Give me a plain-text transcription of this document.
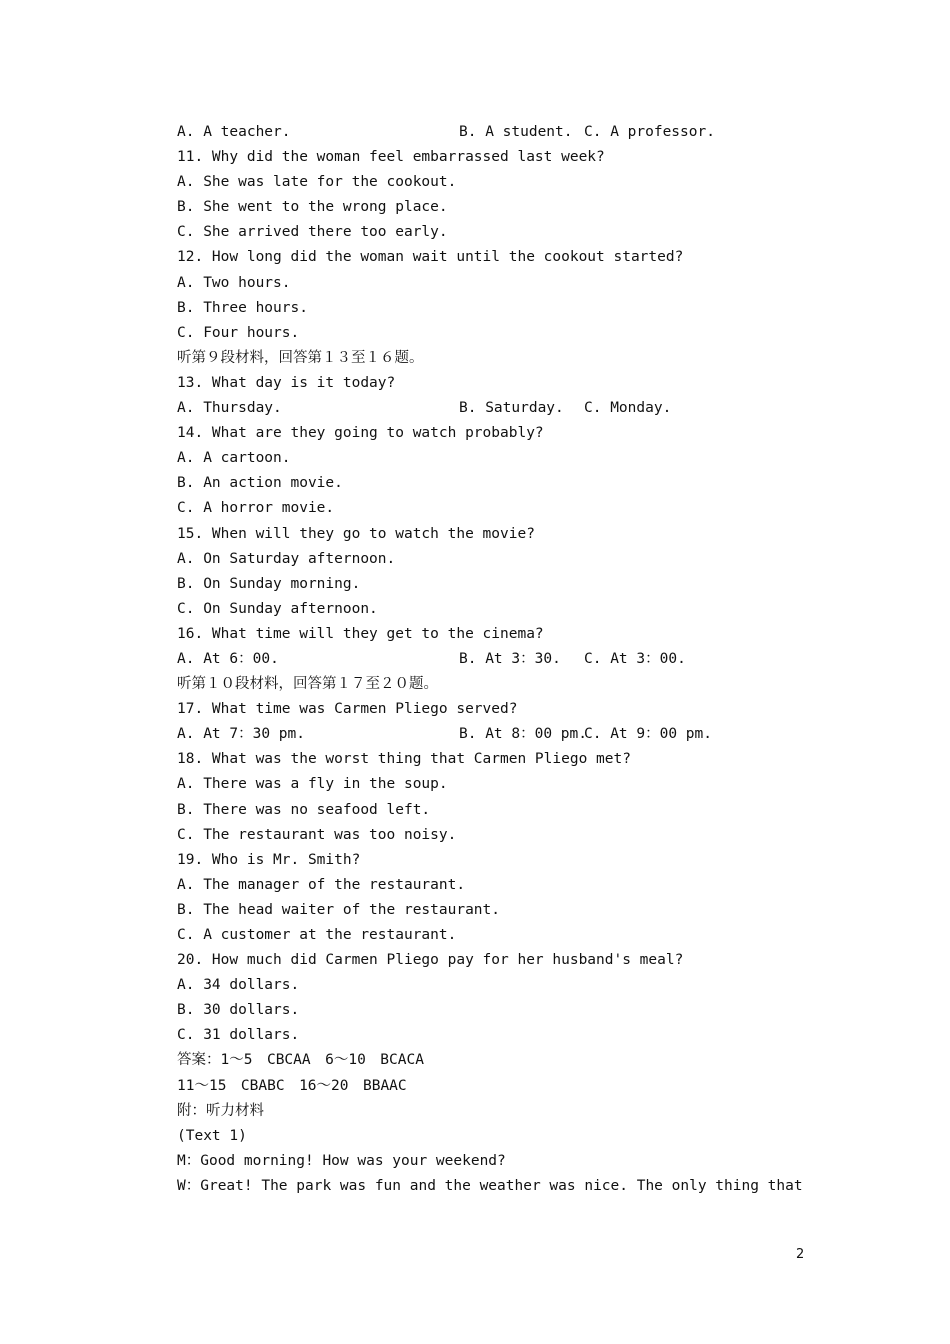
A. A teacher.	B. A student. C. A professor.
11. Why did the woman feel embarrassed last week?
A. She was late for the cookout.
B. She went to the wrong place.
C. She arrived there too early.
12. How long did the woman wait until the cookout started?
A. Two hours.
B. Three hours.
C. Four hours.
听第９段材料，回答第１３至１６题。
13. What day is it today?
A. Thursday.	B. Saturday. C. Monday.
14. What are they going to watch probably?
A. A cartoon.
B. An action movie.
C. A horror movie.
15. When will they go to watch the movie?
A. On Saturday afternoon.
B. On Sunday morning.
C. On Sunday afternoon.
16. What time will they get to the cinema?
A. At 6：00.	B. At 3：30. C. At 3：00.
听第１０段材料，回答第１７至２０题。
17. What time was Carmen Pliego served?
A. At 7：30 pm.	B. At 8：00 pm.
C. At 9：00 pm.
18. What was the worst thing that Carmen Pliego met?
A. There was a fly in the soup.
B. There was no seafood left.
C. The restaurant was too noisy.
19. Who is Mr. Smith?
A. The manager of the restaurant.
B. The head waiter of the restaurant.
C. A customer at the restaurant.
20. How much did Carmen Pliego pay for her husband's meal?
A. 34 dollars.
B. 30 dollars.
C. 31 dollars.
答案：1～5　CBCAA　6～10　BCACA
11～15　CBABC　16～20　BBAAC
附：听力材料
(Text 1)
M：Good morning! How was your weekend?
W：Great! The park was fun and the weather was nice. The only thing that
2
